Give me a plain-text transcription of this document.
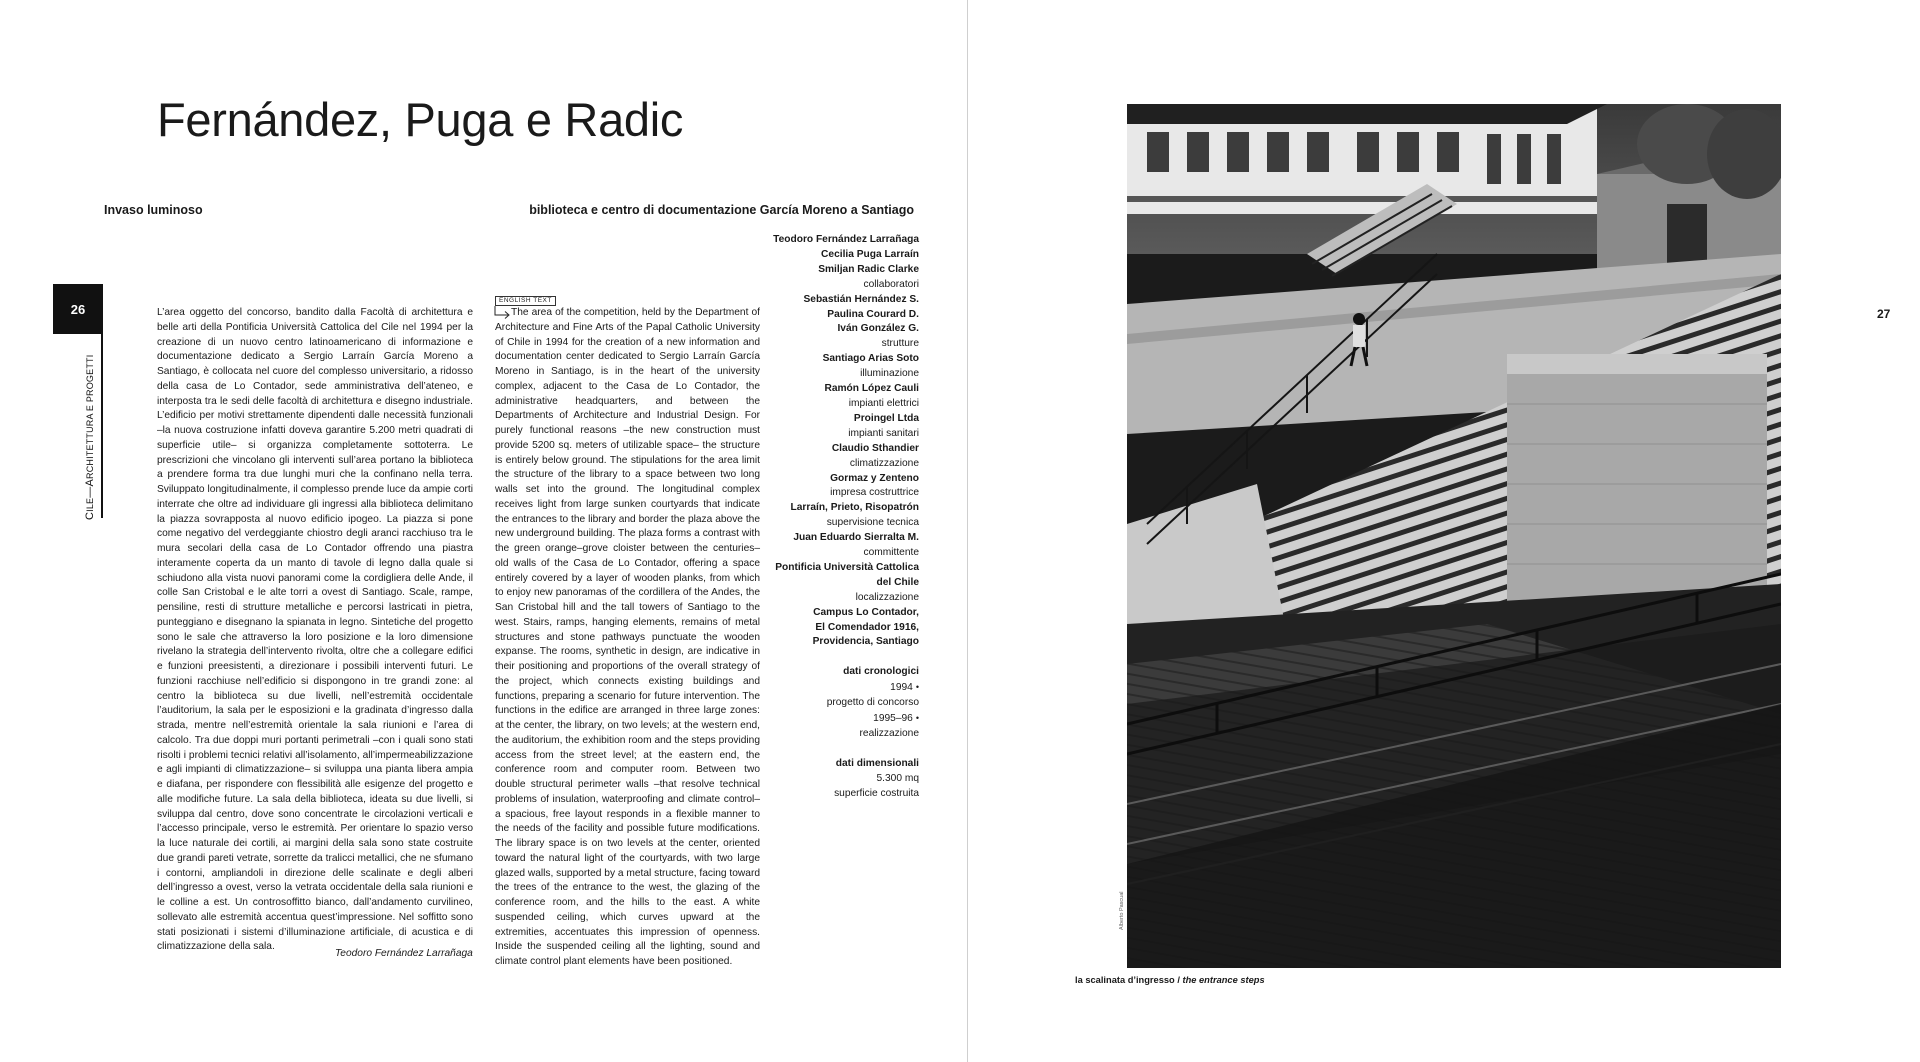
Fernández, Puga e Radic
Invaso luminoso	biblioteca e centro di documentazione García Moreno a Santiago
26
CILE—ARCHITETTURA E PROGETTI

L’area oggetto del concorso, bandito dalla Facoltà di architettura e belle arti della Pontificia Università Cattolica del Cile nel 1994 per la creazione di un nuovo centro latinoamericano di informazione e documentazione dedicato a Sergio Larraín García Moreno a Santiago, è collocata nel cuore del complesso universitario, a ridosso della casa de Lo Contador, sede amministrativa dell’ateneo, e interposta tra le sedi delle facoltà di architettura e disegno industriale. L’edificio per motivi strettamente dipendenti dalle necessità funzionali –la nuova costruzione infatti doveva garantire 5.200 metri quadrati di superficie utile– si organizza completamente sottoterra. Le prescrizioni che vincolano gli interventi sull’area portano la biblioteca a prendere forma tra due lunghi muri che la confinano nella terra. Sviluppato longitudinalmente, il complesso prende luce da ampie corti interrate che oltre ad individuare gli ingressi alla biblioteca delimitano la piazza sovrapposta al nuovo edificio ipogeo. La piazza si pone come negativo del verdeggiante chiostro degli aranci racchiuso tra le mura secolari della casa de Lo Contador offrendo una piastra interamente coperta da un manto di tavole di legno dalla quale si schiudono alla vista nuovi panorami come la cordigliera delle Ande, il colle San Cristobal e le alte torri a ovest di Santiago. Scale, rampe, pensiline, resti di strutture metalliche e percorsi lastricati in pietra, punteggiano e disegnano la spianata in legno. Sintetiche del progetto sono le sale che attraverso la loro posizione e la loro dimensione rivelano la strategia dell’intervento rivolta, oltre che a collegare edifici e funzioni preesistenti, a direzionare i possibili interventi futuri. Le funzioni racchiuse nell’edificio si dispongono in tre grandi zone: al centro la biblioteca su due livelli, nell’estremità occidentale l’auditorium, la sala per le esposizioni e la gradinata d’ingresso dalla strada, mentre nell’estremità orientale la sala riunioni e l’area di calcolo. Tra due doppi muri portanti perimetrali –con i quali sono stati risolti i problemi tecnici relativi all’isolamento, all’impermeabilizzazione e agli impianti di climatizzazione– si sviluppa una pianta libera ampia e diafana, per rispondere con flessibilità alle esigenze del progetto e alle modifiche future. La sala della biblioteca, ideata su due livelli, si sviluppa dal centro, dove sono concentrate le circolazioni verticali e l’accesso principale, verso le estremità. Per orientare lo spazio verso la luce naturale dei cortili, ai margini della sala sono state costruite due grandi pareti vetrate, sorrette da tralicci metallici, che ne sfumano i contorni, ampliandoli in direzione delle scalinate e degli alberi dell’ingresso a ovest, verso la vetrata occidentale della sala riunioni e le colline a est. Un controsoffitto bianco, dall’andamento curvilineo, sollevato alle estremità accentua quest’impressione. Nel soffitto sono stati posizionati i sistemi d’illuminazione artificiale, di acustica e di climatizzazione della sala.

Teodoro Fernández Larrañaga
ENGLISH TEXT

The area of the competition, held by the Department of Architecture and Fine Arts of the Papal Catholic University of Chile in 1994 for the creation of a new information and documentation center dedicated to Sergio Larraín García Moreno in Santiago, is in the heart of the university complex, adjacent to the Casa de Lo Contador, the administrative headquarters, and between the Departments of Architecture and Industrial Design. For purely functional reasons –the new construction must provide 5200 sq. meters of utilizable space– the structure is entirely below ground. The stipulations for the area limit the structure of the library to a space between two long walls set into the ground. The longitudinal complex receives light from large sunken courtyards that indicate the entrances to the library and border the plaza above the new underground building. The plaza forms a contrast with the green orange–grove cloister between the centuries–old walls of the Casa de Lo Contador, offering a space entirely covered by a layer of wooden planks, from which to enjoy new panoramas of the cordillera of the Andes, the San Cristobal hill and the tall towers of Santiago to the west. Stairs, ramps, hanging elements, remains of metal structures and stone pathways punctuate the wooden expanse. The rooms, synthetic in design, are indicative in their positioning and proportions of the overall strategy of the project, which connects existing buildings and functions, preparing a scenario for future intervention. The functions in the edifice are arranged in three large zones: at the center, the library, on two levels; at the western end, the auditorium, the exhibition room and the steps providing access from the street level; at the eastern end, the conference room and computer room. Between two double structural perimeter walls –that resolve technical problems of insulation, waterproofing and climate control– a spacious, free layout responds in a flexible manner to the needs of the facility and possible future modifications. The library space is on two levels at the center, oriented toward the natural light of the courtyards, with two large glazed walls, supported by a metal structure, facing toward the trees of the entrance to the west, the glazing of the conference room, and the hills to the east. A white suspended ceiling, which curves upward at the extremities, accentuates this impression of openness. Inside the suspended ceiling all the lighting, sound and climate control plant elements have been positioned.

Teodoro Fernández Larrañaga
Cecilia Puga Larraín
Smiljan Radic Clarke
collaboratori
Sebastián Hernández S.
Paulina Courard D.
Iván González G.
strutture
Santiago Arias Soto
illuminazione
Ramón López Cauli
impianti elettrici
Proingel Ltda
impianti sanitari
Claudio Sthandier
climatizzazione
Gormaz y Zenteno
impresa costruttrice
Larraín, Prieto, Risopatrón
supervisione tecnica
Juan Eduardo Sierralta M.
committente
Pontificia Università Cattolica
del Chile
localizzazione
Campus Lo Contador,
El Comendador 1916,
Providencia, Santiago
dati cronologici
1994 •
progetto di concorso
1995–96 •
realizzazione
dati dimensionali
5.300 mq
superficie costruita
27
Alberto Pascual
la scalinata d’ingresso / the entrance steps
